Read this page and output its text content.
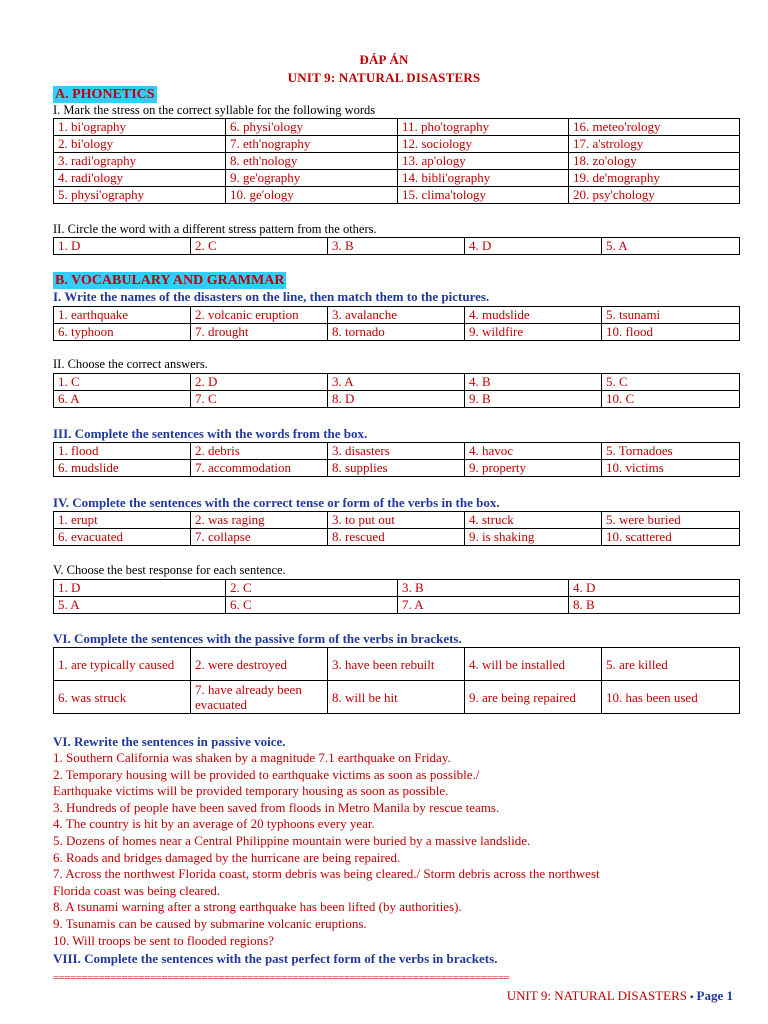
ĐÁP ÁN
UNIT 9: NATURAL DISASTERS
A. PHONETICS
I. Mark the stress on the correct syllable for the following words
1. bi'ography	6. physi'ology	11. pho'tography	16. meteo'rology
2. bi'ology	7. eth'nography	12. sociology	17. a'strology
3. radi'ography	8. eth'nology	13. ap'ology	18. zo'ology
4. radi'ology	9. ge'ography	14. bibli'ography	19. de'mography
5. physi'ography	10. ge'ology	15. clima'tology	20. psy'chology
II. Circle the word with a different stress pattern from the others.
1. D	2. C	3. B	4. D	5. A
B. VOCABULARY AND GRAMMAR
I. Write the names of the disasters on the line, then match them to the pictures.
1. earthquake	2. volcanic eruption	3. avalanche	4. mudslide	5. tsunami
6. typhoon	7. drought	8. tornado	9. wildfire	10. flood
II. Choose the correct answers.
1. C	2. D	3. A	4. B	5. C
6. A	7. C	8. D	9. B	10. C
III. Complete the sentences with the words from the box.
1. flood	2. debris	3. disasters	4. havoc	5. Tornadoes
6. mudslide	7. accommodation	8. supplies	9. property	10. victims
IV. Complete the sentences with the correct tense or form of the verbs in the box.
1. erupt	2. was raging	3. to put out	4. struck	5. were buried
6. evacuated	7. collapse	8. rescued	9. is shaking	10. scattered
V. Choose the best response for each sentence.
1. D	2. C	3. B	4. D
5. A	6. C	7. A	8. B
VI. Complete the sentences with the passive form of the verbs in brackets.
1. are typically caused	2. were destroyed	3. have been rebuilt	4. will be installed	5. are killed
6. was struck	7. have already been evacuated	8. will be hit	9. are being repaired	10. has been used
VI. Rewrite the sentences in passive voice.
1. Southern California was shaken by a magnitude 7.1 earthquake on Friday.
2. Temporary housing will be provided to earthquake victims as soon as possible./
Earthquake victims will be provided temporary housing as soon as possible.
3. Hundreds of people have been saved from floods in Metro Manila by rescue teams.
4. The country is hit by an average of 20 typhoons every year.
5. Dozens of homes near a Central Philippine mountain were buried by a massive landslide.
6. Roads and bridges damaged by the hurricane are being repaired.
7. Across the northwest Florida coast, storm debris was being cleared./ Storm debris across the northwest
Florida coast was being cleared.
8. A tsunami warning after a strong earthquake has been lifted (by authorities).
9. Tsunamis can be caused by submarine volcanic eruptions.
10. Will troops be sent to flooded regions?
VIII. Complete the sentences with the past perfect form of the verbs in brackets.
================================================================================
UNIT 9: NATURAL DISASTERS ▪ Page 1
